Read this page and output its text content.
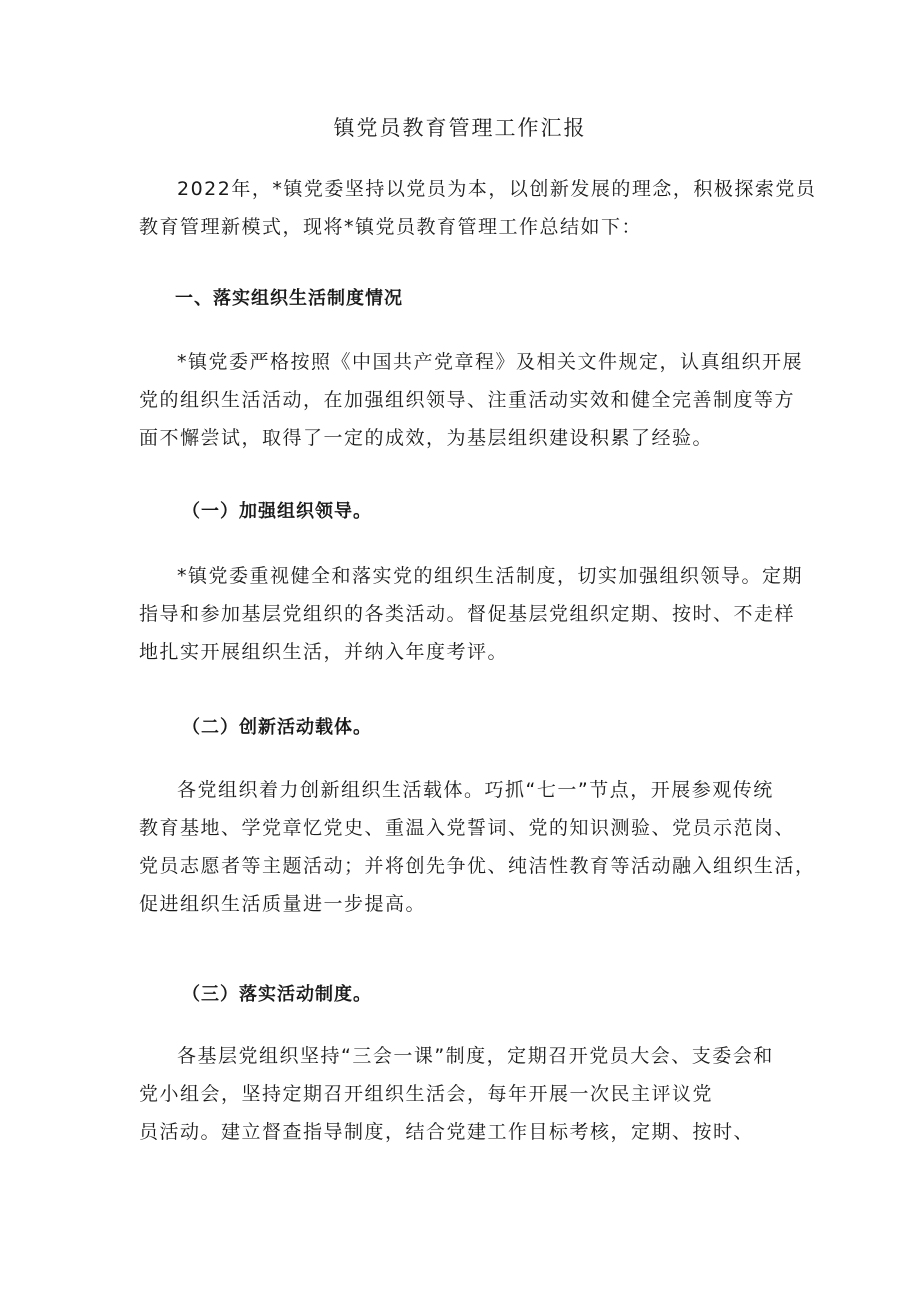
镇党员教育管理工作汇报

2022年，*镇党委坚持以党员为本，以创新发展的理念，积极探索党员
教育管理新模式，现将*镇党员教育管理工作总结如下：

一、落实组织生活制度情况

*镇党委严格按照《中国共产党章程》及相关文件规定，认真组织开展
党的组织生活活动，在加强组织领导、注重活动实效和健全完善制度等方
面不懈尝试，取得了一定的成效，为基层组织建设积累了经验。

（一）加强组织领导。

*镇党委重视健全和落实党的组织生活制度，切实加强组织领导。定期
指导和参加基层党组织的各类活动。督促基层党组织定期、按时、不走样
地扎实开展组织生活，并纳入年度考评。

（二）创新活动载体。

各党组织着力创新组织生活载体。巧抓“七一”节点，开展参观传统
教育基地、学党章忆党史、重温入党誓词、党的知识测验、党员示范岗、
党员志愿者等主题活动；并将创先争优、纯洁性教育等活动融入组织生活，
促进组织生活质量进一步提高。

（三）落实活动制度。

各基层党组织坚持“三会一课”制度，定期召开党员大会、支委会和
党小组会，坚持定期召开组织生活会，每年开展一次民主评议党
员活动。建立督查指导制度，结合党建工作目标考核，定期、按时、
